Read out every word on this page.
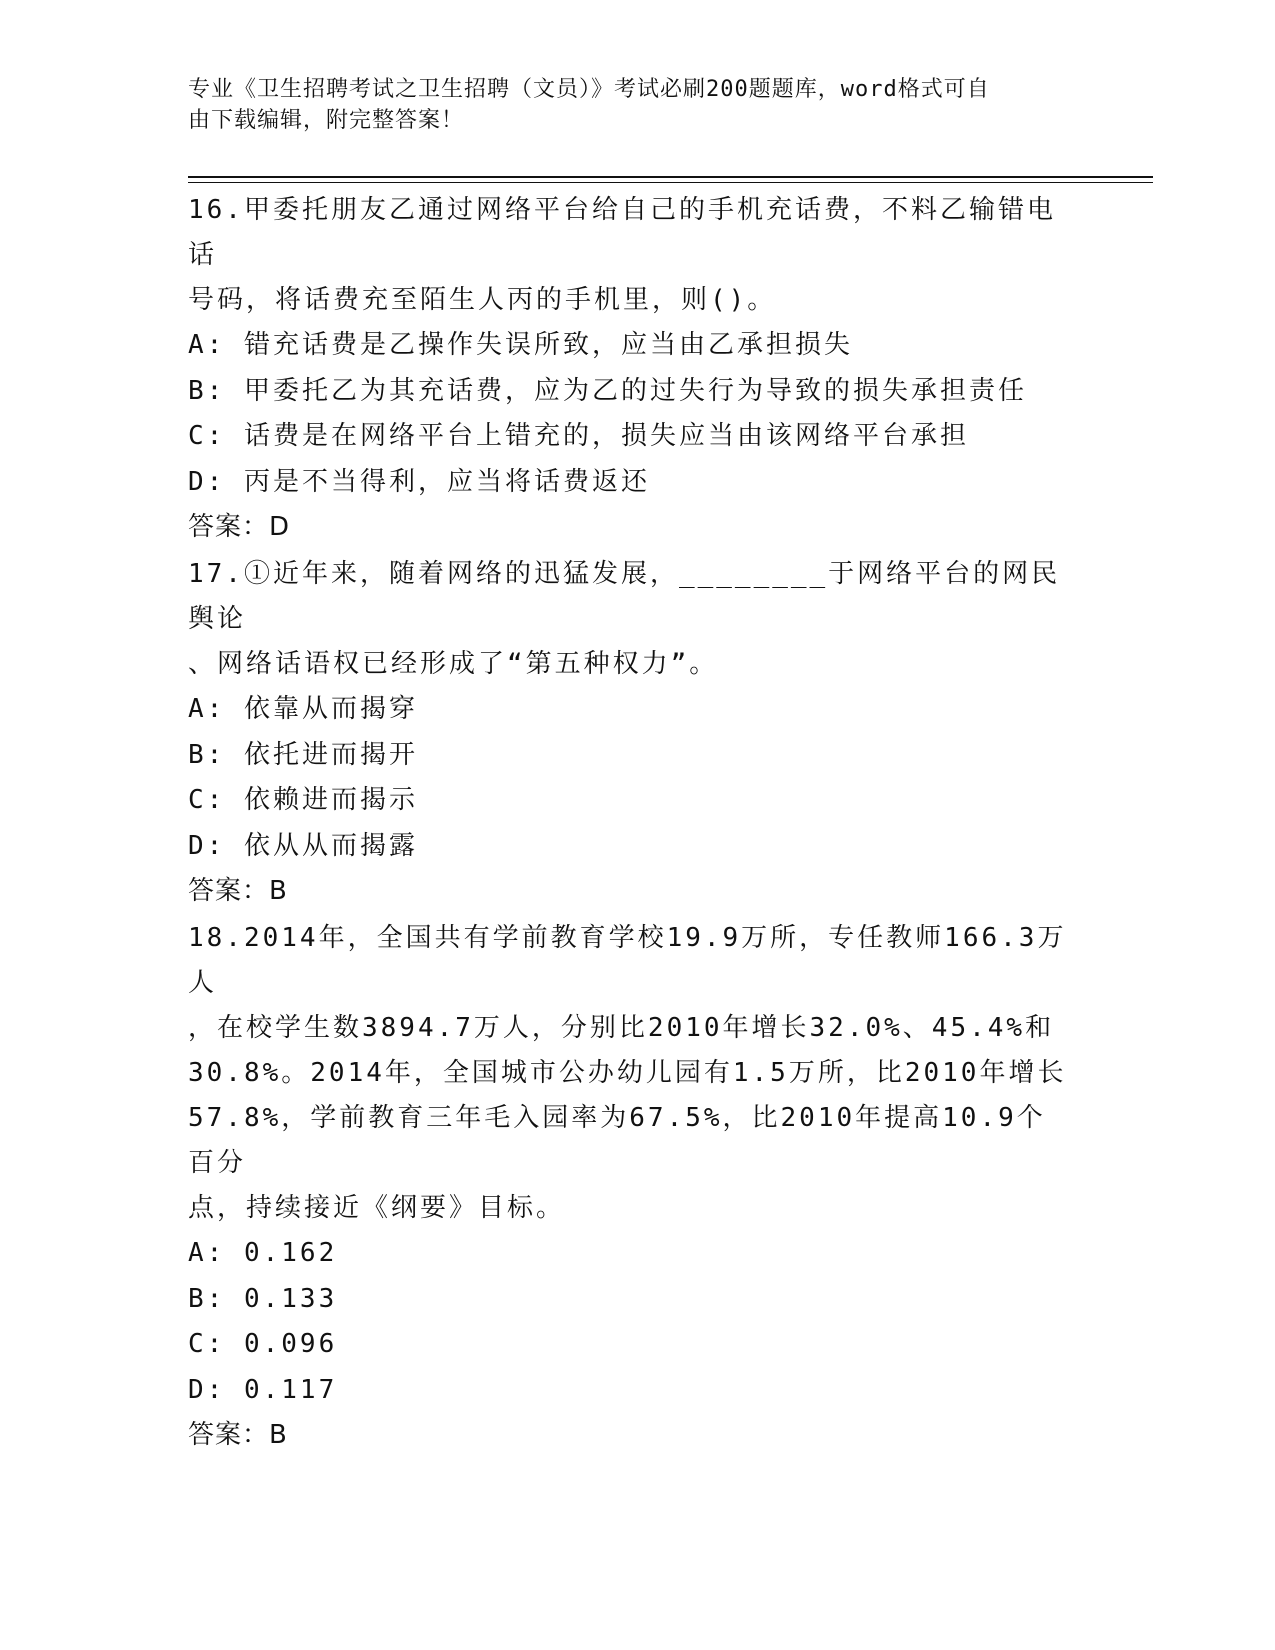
专业《卫生招聘考试之卫生招聘（文员）》考试必刷200题题库，word格式可自
由下载编辑，附完整答案！

16.甲委托朋友乙通过网络平台给自己的手机充话费，不料乙输错电话

号码，将话费充至陌生人丙的手机里，则()。

A: 错充话费是乙操作失误所致，应当由乙承担损失

B: 甲委托乙为其充话费，应为乙的过失行为导致的损失承担责任

C: 话费是在网络平台上错充的，损失应当由该网络平台承担

D: 丙是不当得利，应当将话费返还

答案：D

17.①近年来，随着网络的迅猛发展，________于网络平台的网民舆论

、网络话语权已经形成了“第五种权力”。

A: 依靠从而揭穿

B: 依托进而揭开

C: 依赖进而揭示

D: 依从从而揭露

答案：B

18.2014年，全国共有学前教育学校19.9万所，专任教师166.3万人

，在校学生数3894.7万人，分别比2010年增长32.0%、45.4%和

30.8%。2014年，全国城市公办幼儿园有1.5万所，比2010年增长

57.8%，学前教育三年毛入园率为67.5%，比2010年提高10.9个百分

点，持续接近《纲要》目标。

A: 0.162

B: 0.133

C: 0.096

D: 0.117

答案：B
